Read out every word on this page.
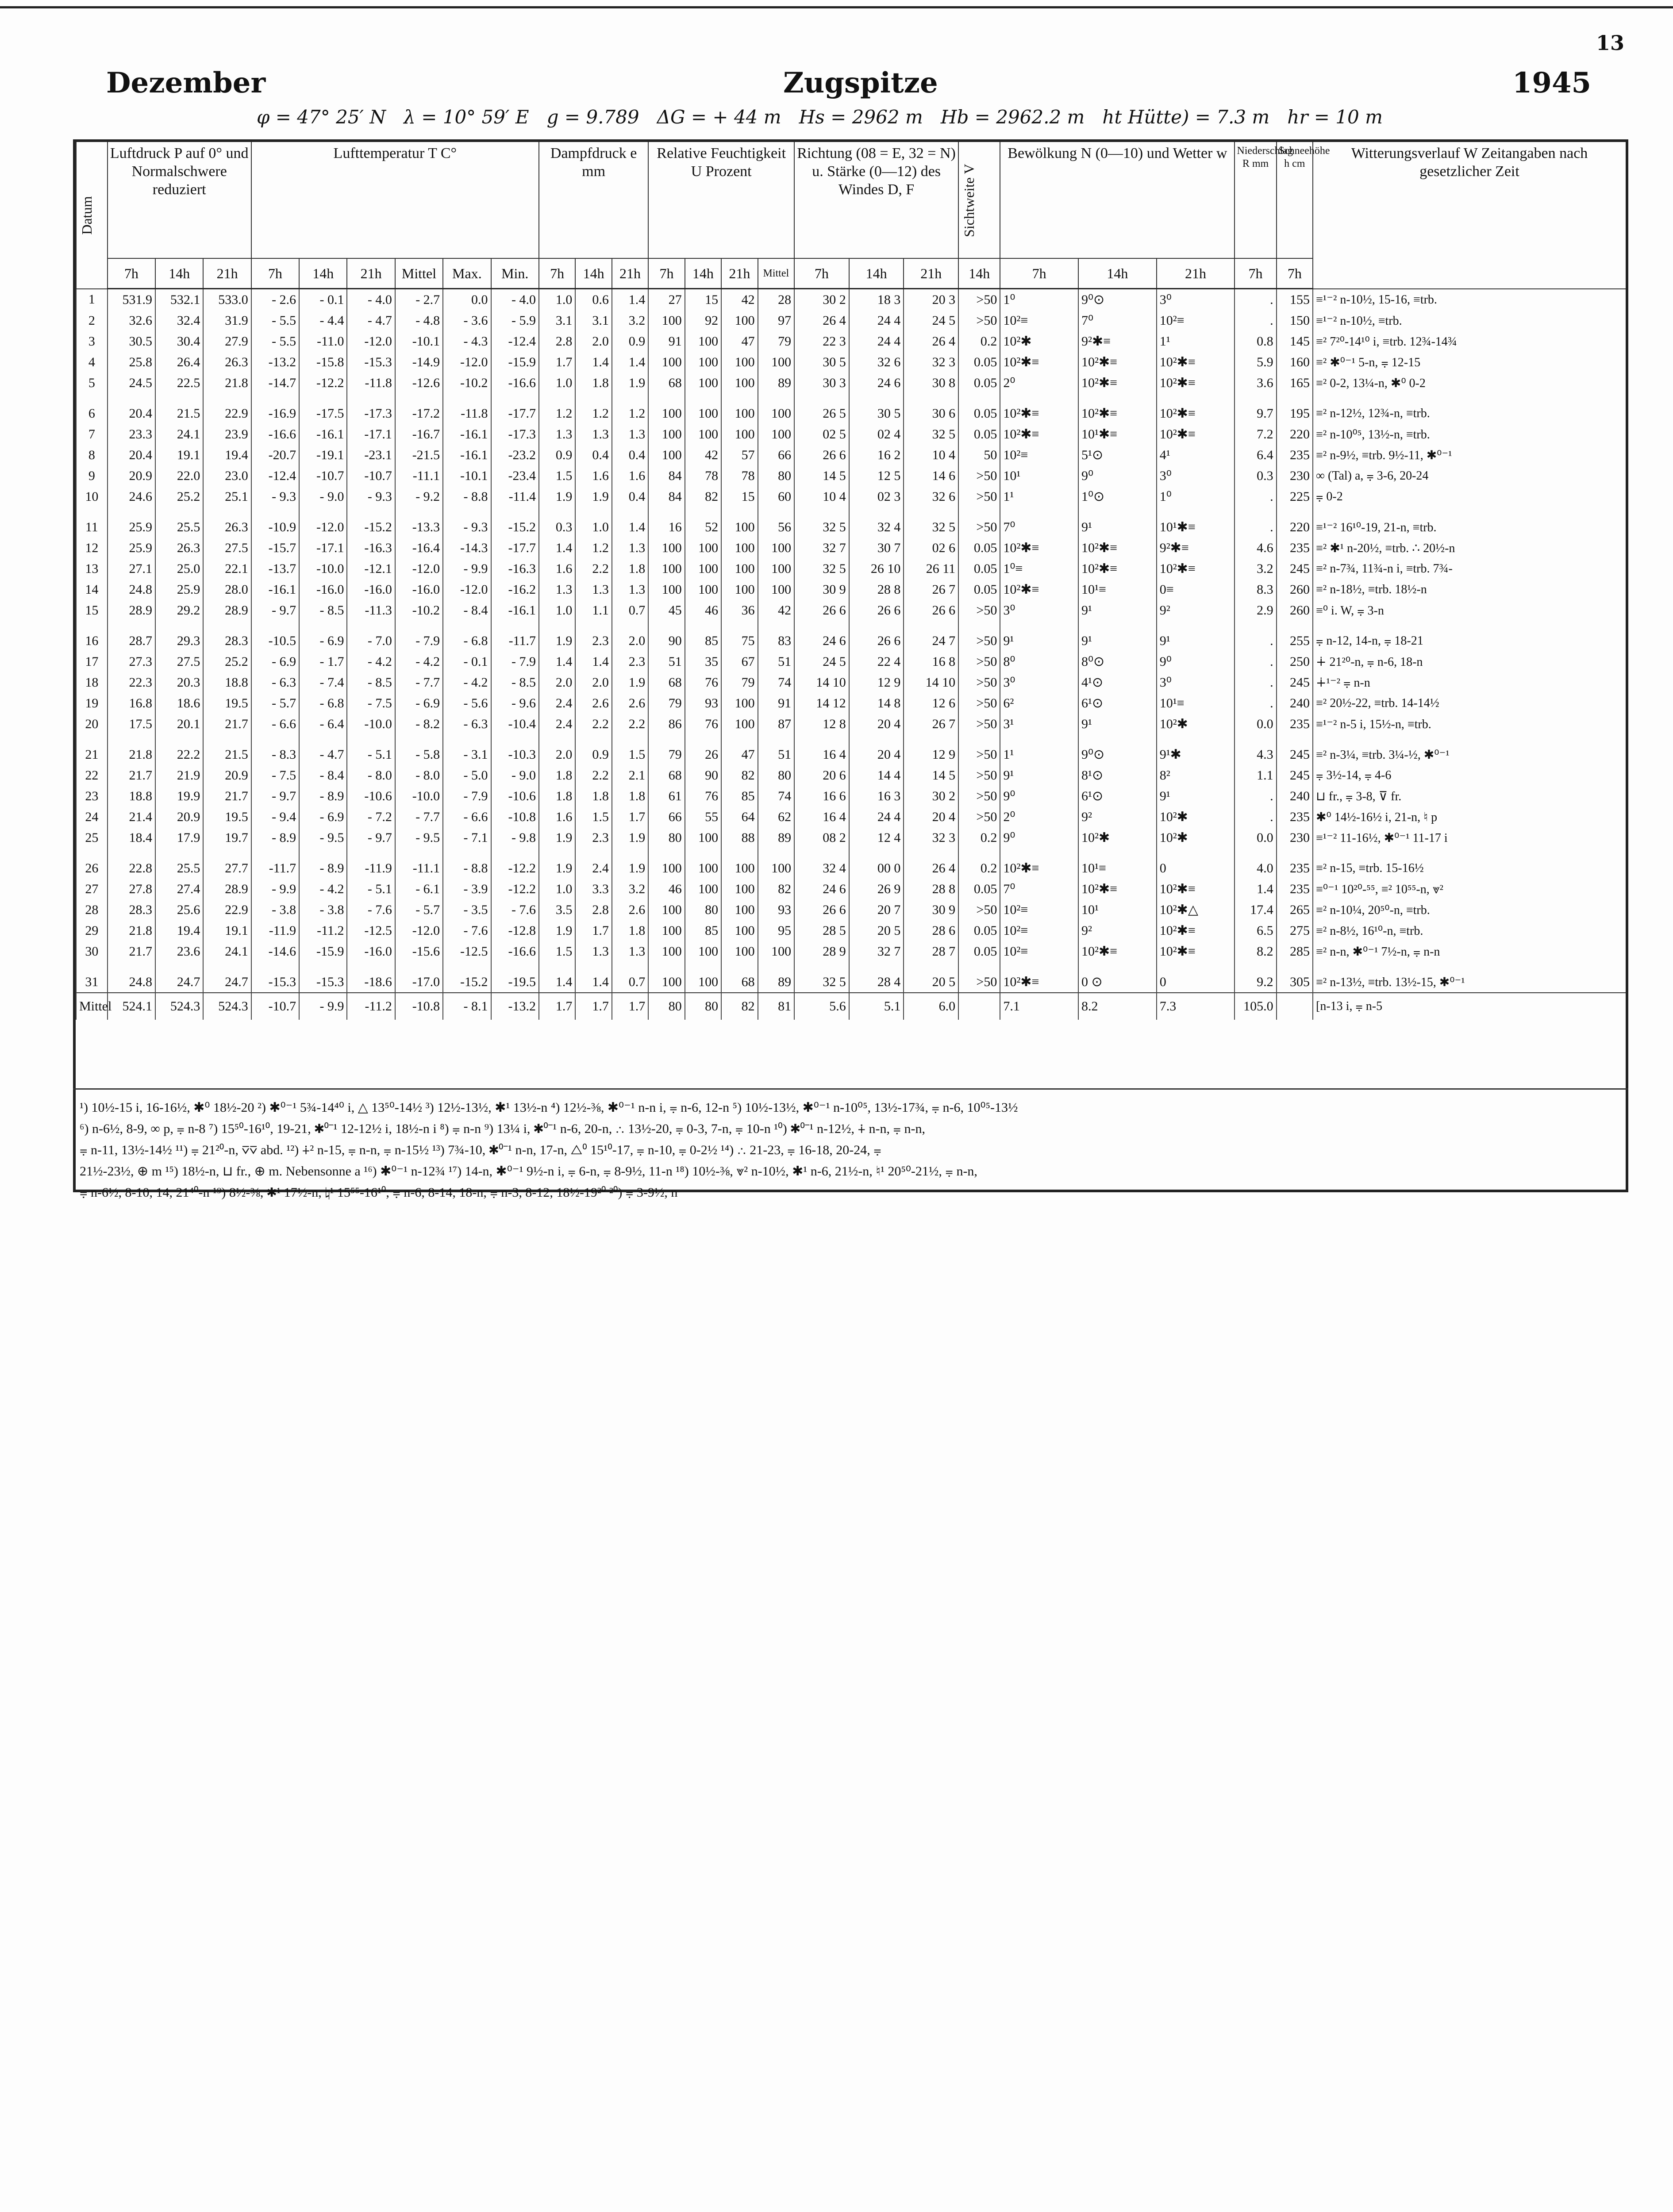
13
Dezember	Zugspitze	1945
φ = 47° 25′ N   λ = 10° 59′ E   g = 9.789   ΔG = + 44 m   Hs = 2962 m   Hb = 2962.2 m   ht Hütte) = 7.3 m   hr = 10 m
Datum	Luftdruck P auf 0° und Normalschwere reduziert			Lufttemperatur T C°						Dampfdruck e mm			Relative Feuchtigkeit U Prozent				Richtung (08 = E, 32 = N) u. Stärke (0—12) des Windes D, F			Sichtweite V	Bewölkung N (0—10) und Wetter w			Niederschlag R mm	Schneehöhe h cm	Witterungsverlauf W Zeitangaben nach gesetzlicher Zeit
	7h	14h	21h	7h	14h	21h	Mittel	Max.	Min.	7h	14h	21h	7h	14h	21h	Mittel	7h	14h	21h	14h	7h	14h	21h	7h	7h	
1	531.9	532.1	533.0	- 2.6	- 0.1	- 4.0	- 2.7	0.0	- 4.0	1.0	0.6	1.4	27	15	42	28	30 2	18 3	20 3	>50	1⁰	9⁰⊙	3⁰	.	155	≡¹⁻² n-10½, 15-16, ≡trb.
2	32.6	32.4	31.9	- 5.5	- 4.4	- 4.7	- 4.8	- 3.6	- 5.9	3.1	3.1	3.2	100	92	100	97	26 4	24 4	24 5	>50	10²≡	7⁰	10²≡	.	150	≡¹⁻² n-10½, ≡trb.
3	30.5	30.4	27.9	- 5.5	-11.0	-12.0	-10.1	- 4.3	-12.4	2.8	2.0	0.9	91	100	47	79	22 3	24 4	26 4	0.2	10²✱	9²✱≡	1¹	0.8	145	≡² 7²⁰-14¹⁰ i, ≡trb. 12¾-14¾
4	25.8	26.4	26.3	-13.2	-15.8	-15.3	-14.9	-12.0	-15.9	1.7	1.4	1.4	100	100	100	100	30 5	32 6	32 3	0.05	10²✱≡	10²✱≡	10²✱≡	5.9	160	≡² ✱⁰⁻¹ 5-n, ⩦ 12-15
5	24.5	22.5	21.8	-14.7	-12.2	-11.8	-12.6	-10.2	-16.6	1.0	1.8	1.9	68	100	100	89	30 3	24 6	30 8	0.05	2⁰	10²✱≡	10²✱≡	3.6	165	≡² 0-2, 13¼-n, ✱⁰ 0-2

6	20.4	21.5	22.9	-16.9	-17.5	-17.3	-17.2	-11.8	-17.7	1.2	1.2	1.2	100	100	100	100	26 5	30 5	30 6	0.05	10²✱≡	10²✱≡	10²✱≡	9.7	195	≡² n-12½, 12¾-n, ≡trb.
7	23.3	24.1	23.9	-16.6	-16.1	-17.1	-16.7	-16.1	-17.3	1.3	1.3	1.3	100	100	100	100	02 5	02 4	32 5	0.05	10²✱≡	10¹✱≡	10²✱≡	7.2	220	≡² n-10⁰⁵, 13½-n, ≡trb.
8	20.4	19.1	19.4	-20.7	-19.1	-23.1	-21.5	-16.1	-23.2	0.9	0.4	0.4	100	42	57	66	26 6	16 2	10 4	50	10²≡	5¹⊙	4¹	6.4	235	≡² n-9½, ≡trb. 9½-11, ✱⁰⁻¹
9	20.9	22.0	23.0	-12.4	-10.7	-10.7	-11.1	-10.1	-23.4	1.5	1.6	1.6	84	78	78	80	14 5	12 5	14 6	>50	10¹	9⁰	3⁰	0.3	230	∞ (Tal) a, ⩦ 3-6, 20-24
10	24.6	25.2	25.1	- 9.3	- 9.0	- 9.3	- 9.2	- 8.8	-11.4	1.9	1.9	0.4	84	82	15	60	10 4	02 3	32 6	>50	1¹	1⁰⊙	1⁰	.	225	⩦ 0-2

11	25.9	25.5	26.3	-10.9	-12.0	-15.2	-13.3	- 9.3	-15.2	0.3	1.0	1.4	16	52	100	56	32 5	32 4	32 5	>50	7⁰	9¹	10¹✱≡	.	220	≡¹⁻² 16¹⁰-19, 21-n, ≡trb.
12	25.9	26.3	27.5	-15.7	-17.1	-16.3	-16.4	-14.3	-17.7	1.4	1.2	1.3	100	100	100	100	32 7	30 7	02 6	0.05	10²✱≡	10²✱≡	9²✱≡	4.6	235	≡² ✱¹ n-20½, ≡trb. ∴ 20½-n
13	27.1	25.0	22.1	-13.7	-10.0	-12.1	-12.0	- 9.9	-16.3	1.6	2.2	1.8	100	100	100	100	32 5	26 10	26 11	0.05	1⁰≡	10²✱≡	10²✱≡	3.2	245	≡² n-7¾, 11¾-n i, ≡trb. 7¾-
14	24.8	25.9	28.0	-16.1	-16.0	-16.0	-16.0	-12.0	-16.2	1.3	1.3	1.3	100	100	100	100	30 9	28 8	26 7	0.05	10²✱≡	10¹≡	0≡	8.3	260	≡² n-18½, ≡trb. 18½-n
15	28.9	29.2	28.9	- 9.7	- 8.5	-11.3	-10.2	- 8.4	-16.1	1.0	1.1	0.7	45	46	36	42	26 6	26 6	26 6	>50	3⁰	9¹	9²	2.9	260	≡⁰ i. W, ⩦ 3-n

16	28.7	29.3	28.3	-10.5	- 6.9	- 7.0	- 7.9	- 6.8	-11.7	1.9	2.3	2.0	90	85	75	83	24 6	26 6	24 7	>50	9¹	9¹	9¹	.	255	⩦ n-12, 14-n, ⩦ 18-21
17	27.3	27.5	25.2	- 6.9	- 1.7	- 4.2	- 4.2	- 0.1	- 7.9	1.4	1.4	2.3	51	35	67	51	24 5	22 4	16 8	>50	8⁰	8⁰⊙	9⁰	.	250	∔ 21²⁰-n, ⩦ n-6, 18-n
18	22.3	20.3	18.8	- 6.3	- 7.4	- 8.5	- 7.7	- 4.2	- 8.5	2.0	2.0	1.9	68	76	79	74	14 10	12 9	14 10	>50	3⁰	4¹⊙	3⁰	.	245	∔¹⁻² ⩦ n-n
19	16.8	18.6	19.5	- 5.7	- 6.8	- 7.5	- 6.9	- 5.6	- 9.6	2.4	2.6	2.6	79	93	100	91	14 12	14 8	12 6	>50	6²	6¹⊙	10¹≡	.	240	≡² 20½-22, ≡trb. 14-14½
20	17.5	20.1	21.7	- 6.6	- 6.4	-10.0	- 8.2	- 6.3	-10.4	2.4	2.2	2.2	86	76	100	87	12 8	20 4	26 7	>50	3¹	9¹	10²✱	0.0	235	≡¹⁻² n-5 i, 15½-n, ≡trb.

21	21.8	22.2	21.5	- 8.3	- 4.7	- 5.1	- 5.8	- 3.1	-10.3	2.0	0.9	1.5	79	26	47	51	16 4	20 4	12 9	>50	1¹	9⁰⊙	9¹✱	4.3	245	≡² n-3¼, ≡trb. 3¼-½, ✱⁰⁻¹
22	21.7	21.9	20.9	- 7.5	- 8.4	- 8.0	- 8.0	- 5.0	- 9.0	1.8	2.2	2.1	68	90	82	80	20 6	14 4	14 5	>50	9¹	8¹⊙	8²	1.1	245	⩦ 3½-14, ⩦ 4-6
23	18.8	19.9	21.7	- 9.7	- 8.9	-10.6	-10.0	- 7.9	-10.6	1.8	1.8	1.8	61	76	85	74	16 6	16 3	30 2	>50	9⁰	6¹⊙	9¹	.	240	⊔ fr., ⩦ 3-8, ⊽ fr.
24	21.4	20.9	19.5	- 9.4	- 6.9	- 7.2	- 7.7	- 6.6	-10.8	1.6	1.5	1.7	66	55	64	62	16 4	24 4	20 4	>50	2⁰	9²	10²✱	.	235	✱⁰ 14½-16½ i, 21-n, ♮ p
25	18.4	17.9	19.7	- 8.9	- 9.5	- 9.7	- 9.5	- 7.1	- 9.8	1.9	2.3	1.9	80	100	88	89	08 2	12 4	32 3	0.2	9⁰	10²✱	10²✱	0.0	230	≡¹⁻² 11-16½, ✱⁰⁻¹ 11-17 i

26	22.8	25.5	27.7	-11.7	- 8.9	-11.9	-11.1	- 8.8	-12.2	1.9	2.4	1.9	100	100	100	100	32 4	00 0	26 4	0.2	10²✱≡	10¹≡	0	4.0	235	≡² n-15, ≡trb. 15-16½
27	27.8	27.4	28.9	- 9.9	- 4.2	- 5.1	- 6.1	- 3.9	-12.2	1.0	3.3	3.2	46	100	100	82	24 6	26 9	28 8	0.05	7⁰	10²✱≡	10²✱≡	1.4	235	≡⁰⁻¹ 10²⁰-⁵⁵, ≡² 10⁵⁵-n, ⩔²
28	28.3	25.6	22.9	- 3.8	- 3.8	- 7.6	- 5.7	- 3.5	- 7.6	3.5	2.8	2.6	100	80	100	93	26 6	20 7	30 9	>50	10²≡	10¹	10²✱△	17.4	265	≡² n-10¼, 20⁵⁰-n, ≡trb.
29	21.8	19.4	19.1	-11.9	-11.2	-12.5	-12.0	- 7.6	-12.8	1.9	1.7	1.8	100	85	100	95	28 5	20 5	28 6	0.05	10²≡	9²	10²✱≡	6.5	275	≡² n-8½, 16¹⁰-n, ≡trb.
30	21.7	23.6	24.1	-14.6	-15.9	-16.0	-15.6	-12.5	-16.6	1.5	1.3	1.3	100	100	100	100	28 9	32 7	28 7	0.05	10²≡	10²✱≡	10²✱≡	8.2	285	≡² n-n, ✱⁰⁻¹ 7½-n, ⩦ n-n

31	24.8	24.7	24.7	-15.3	-15.3	-18.6	-17.0	-15.2	-19.5	1.4	1.4	0.7	100	100	68	89	32 5	28 4	20 5	>50	10²✱≡	0 ⊙	0	9.2	305	≡² n-13½, ≡trb. 13½-15, ✱⁰⁻¹
Mittel	524.1	524.3	524.3	-10.7	- 9.9	-11.2	-10.8	- 8.1	-13.2	1.7	1.7	1.7	80	80	82	81	5.6	5.1	6.0		7.1	8.2	7.3	105.0		[n-13 i, ⩦ n-5
¹) 10½-15 i, 16-16½, ✱⁰ 18½-20 ²) ✱⁰⁻¹ 5¾-14⁴⁰ i, △ 13⁵⁰-14½ ³) 12½-13½, ✱¹ 13½-n ⁴) 12½-⅜, ✱⁰⁻¹ n-n i, ⩦ n-6, 12-n ⁵) 10½-13½, ✱⁰⁻¹ n-10⁰⁵, 13½-17¾, ⩦ n-6, 10⁰⁵-13½
⁶) n-6½, 8-9, ∞ p, ⩦ n-8 ⁷) 15⁵⁰-16¹⁰, 19-21, ✱⁰⁻¹ 12-12½ i, 18½-n i ⁸) ⩦ n-n ⁹) 13¼ i, ✱⁰⁻¹ n-6, 20-n, ∴ 13½-20, ⩦ 0-3, 7-n, ⩦ 10-n ¹⁰) ✱⁰⁻¹ n-12½, ∔ n-n, ⩦ n-n,
⩦ n-11, 13½-14½ ¹¹) ⩦ 21²⁰-n, ⊽⊽ abd. ¹²) ∔² n-15, ⩦ n-n, ⩦ n-15½ ¹³) 7¾-10, ✱⁰⁻¹ n-n, 17-n, △⁰ 15¹⁰-17, ⩦ n-10, ⩦ 0-2½ ¹⁴) ∴ 21-23, ⩦ 16-18, 20-24, ⩦
21½-23½, ⊕ m ¹⁵) 18½-n, ⊔ fr., ⊕ m. Nebensonne a ¹⁶) ✱⁰⁻¹ n-12¾ ¹⁷) 14-n, ✱⁰⁻¹ 9½-n i, ⩦ 6-n, ⩦ 8-9½, 11-n ¹⁸) 10½-⅜, ⩔² n-10½, ✱¹ n-6, 21½-n, ♮¹ 20⁵⁰-21½, ⩦ n-n,
⩦ n-6½, 8-10, 14, 21⁴⁰-n ¹⁹) 8½-⅜, ✱¹ 17½-n, ♮¹ 15⁵⁵-16¹⁰, ⩦ n-6, 8-14, 18-n, ⩦ n-3, 8-12, 18½-19²⁰ ²⁰) ⩦ 3-9½, n
